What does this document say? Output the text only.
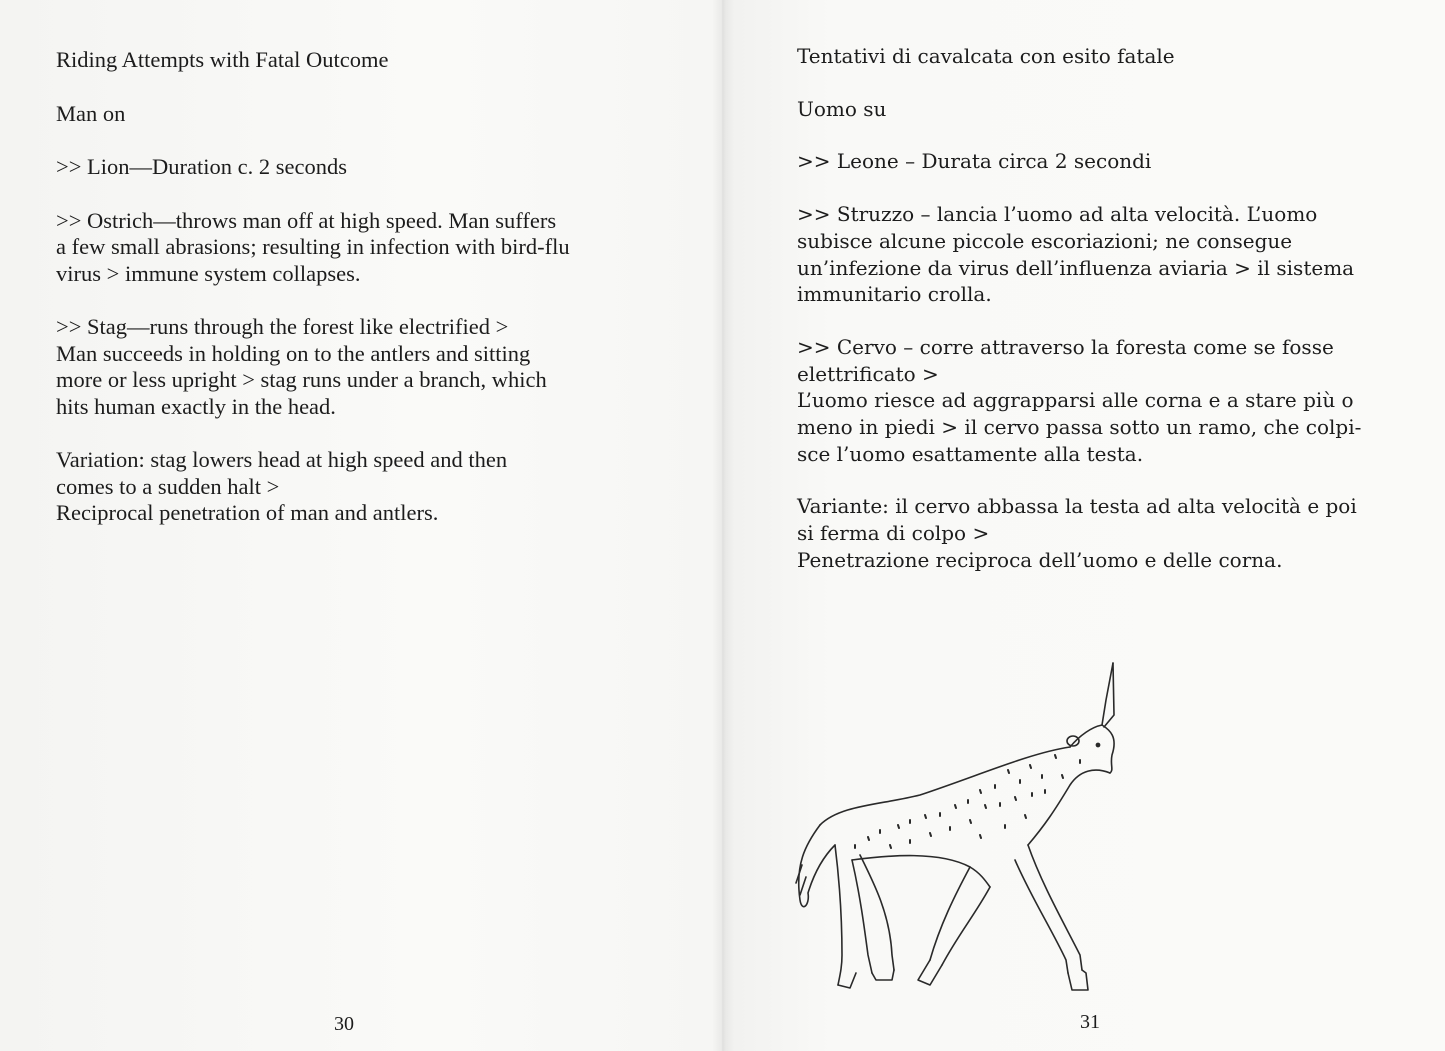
Riding Attempts with Fatal Outcome

Man on

>> Lion—Duration c. 2 seconds

>> Ostrich—throws man off at high speed. Man suffers
a few small abrasions; resulting in infection with bird-flu
virus > immune system collapses.

>> Stag—runs through the forest like electrified >
Man succeeds in holding on to the antlers and sitting
more or less upright > stag runs under a branch, which
hits human exactly in the head.

Variation: stag lowers head at high speed and then
comes to a sudden halt >
Reciprocal penetration of man and antlers.

30

Tentativi di cavalcata con esito fatale

Uomo su

>> Leone – Durata circa 2 secondi

>> Struzzo – lancia l’uomo ad alta velocità. L’uomo
subisce alcune piccole escoriazioni; ne consegue
un’infezione da virus dell’influenza aviaria > il sistema
immunitario crolla.

>> Cervo – corre attraverso la foresta come se fosse
elettrificato >
L’uomo riesce ad aggrapparsi alle corna e a stare più o
meno in piedi > il cervo passa sotto un ramo, che colpi-
sce l’uomo esattamente alla testa.

Variante: il cervo abbassa la testa ad alta velocità e poi
si ferma di colpo >
Penetrazione reciproca dell’uomo e delle corna.

31
